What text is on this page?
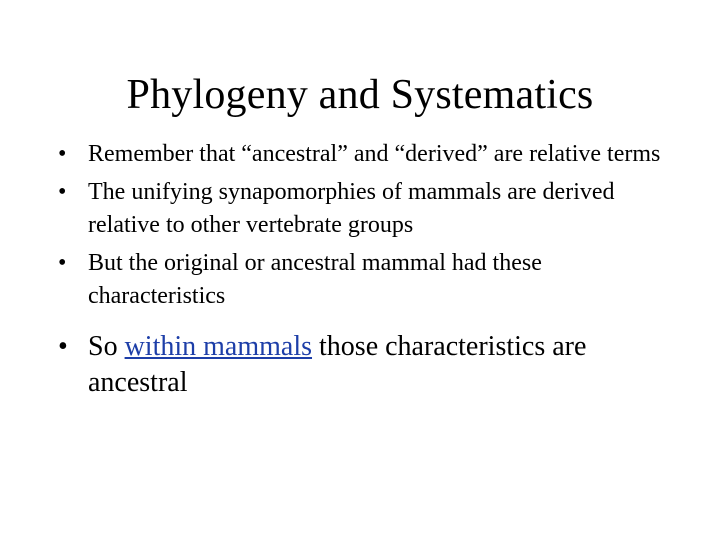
Phylogeny and Systematics
• Remember that “ancestral” and “derived” are relative terms
• The unifying synapomorphies of mammals are derived relative to other vertebrate groups
• But the original or ancestral mammal had these characteristics
• So within mammals those characteristics are ancestral
